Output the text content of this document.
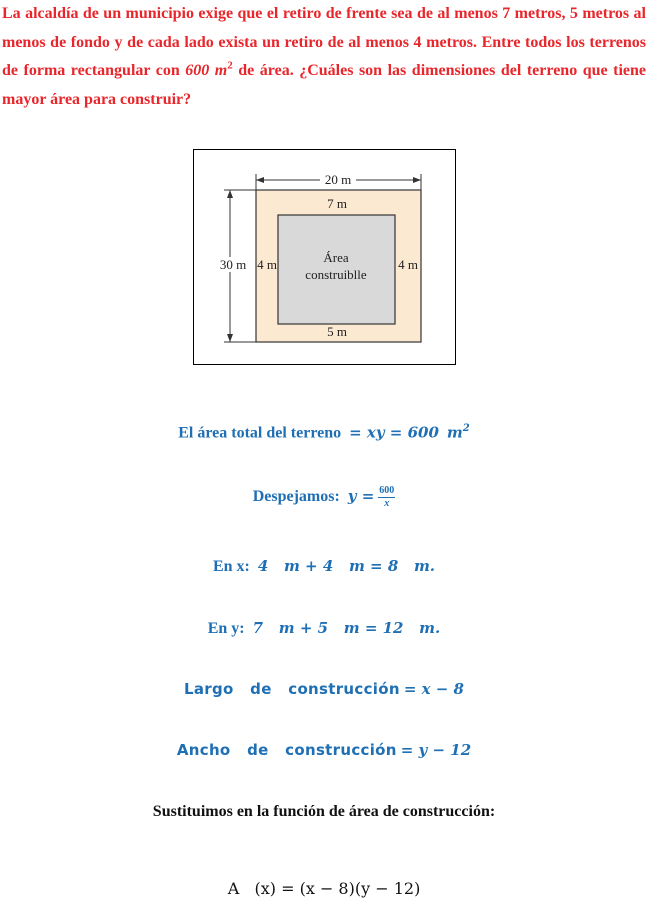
La alcaldía de un municipio exige que el retiro de frente sea de al menos 7 metros, 5 metros al menos de fondo y de cada lado exista un retiro de al menos 4 metros. Entre todos los terrenos de forma rectangular con 600 $m^2$ de área. ¿Cuáles son las dimensiones del terreno que tiene mayor área para construir?

20 m
30 m
7 m
5 m
4 m	4 m
Área
construiblle

El área total del terreno = xy = 600 $m^2$

Despejamos: $y = \frac{600}{x}$

En x: 4   m + 4   m = 8   m.

En y: 7   m + 5   m = 12   m.

Largo   de   construcción = x − 8

Ancho   de   construcción = y − 12

Sustituimos en la función de área de construcción:

A   (x) = (x − 8)(y − 12)
